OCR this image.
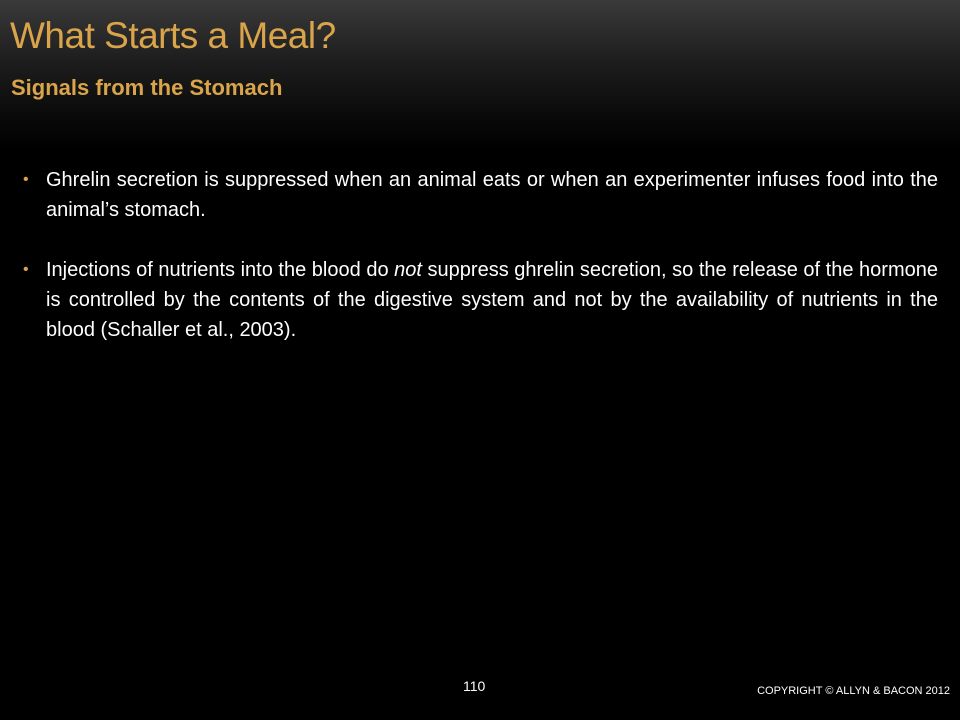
What Starts a Meal?
Signals from the Stomach
• Ghrelin secretion is suppressed when an animal eats or when an experimenter infuses food into the animal’s stomach.
• Injections of nutrients into the blood do not suppress ghrelin secretion, so the release of the hormone is controlled by the contents of the digestive system and not by the availability of nutrients in the blood (Schaller et al., 2003).
110	COPYRIGHT © ALLYN & BACON 2012
